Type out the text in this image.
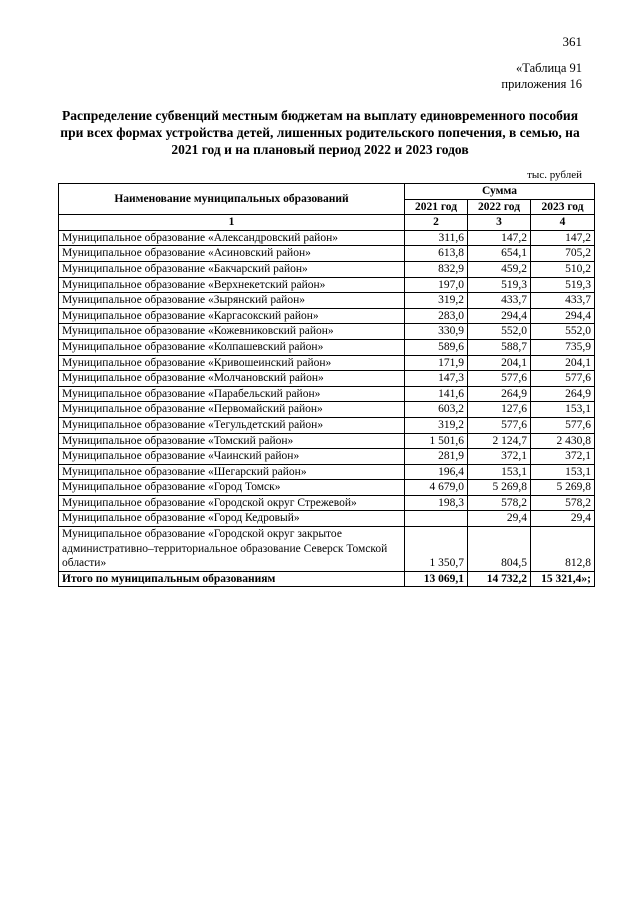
361
«Таблица 91
приложения 16
Распределение субвенций местным бюджетам на выплату единовременного пособия при всех формах устройства детей, лишенных родительского попечения, в семью, на 2021 год и на плановый период 2022 и 2023 годов
тыс. рублей
Наименование муниципальных образований	Сумма		
	2021 год	2022 год	2023 год
1	2	3	4
Муниципальное образование «Александровский район»	311,6	147,2	147,2
Муниципальное образование «Асиновский район»	613,8	654,1	705,2
Муниципальное образование «Бакчарский район»	832,9	459,2	510,2
Муниципальное образование «Верхнекетский район»	197,0	519,3	519,3
Муниципальное образование «Зырянский район»	319,2	433,7	433,7
Муниципальное образование «Каргасокский район»	283,0	294,4	294,4
Муниципальное образование «Кожевниковский район»	330,9	552,0	552,0
Муниципальное образование «Колпашевский район»	589,6	588,7	735,9
Муниципальное образование «Кривошеинский район»	171,9	204,1	204,1
Муниципальное образование «Молчановский район»	147,3	577,6	577,6
Муниципальное образование «Парабельский район»	141,6	264,9	264,9
Муниципальное образование «Первомайский район»	603,2	127,6	153,1
Муниципальное образование «Тегульдетский район»	319,2	577,6	577,6
Муниципальное образование «Томский район»	1 501,6	2 124,7	2 430,8
Муниципальное образование «Чаинский район»	281,9	372,1	372,1
Муниципальное образование «Шегарский район»	196,4	153,1	153,1
Муниципальное образование «Город Томск»	4 679,0	5 269,8	5 269,8
Муниципальное образование «Городской округ Стрежевой»	198,3	578,2	578,2
Муниципальное образование «Город Кедровый»		29,4	29,4
Муниципальное образование «Городской округ закрытое административно–территориальное образование Северск Томской области»	1 350,7	804,5	812,8
Итого по муниципальным образованиям	13 069,1	14 732,2	15 321,4»;
